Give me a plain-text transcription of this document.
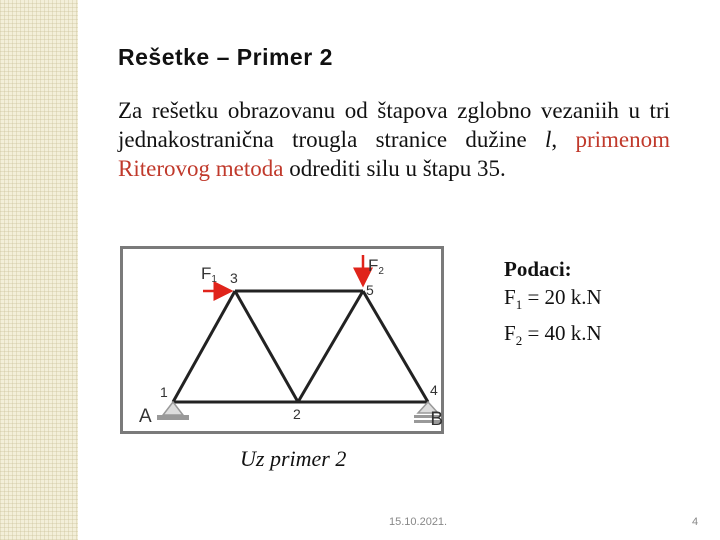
Rešetke – Primer 2
Za rešetku obrazovanu od štapova zglobno vezaniih u tri jednakostranična trougla stranice dužine l, primenom Riterovog metoda odrediti silu u štapu 35.
F1
F2
1
2
3
4
5
A	B
Podaci:
$F_1 = 20$ k.N
$F_2 = 40$ k.N
Uz primer 2
15.10.2021.	4
